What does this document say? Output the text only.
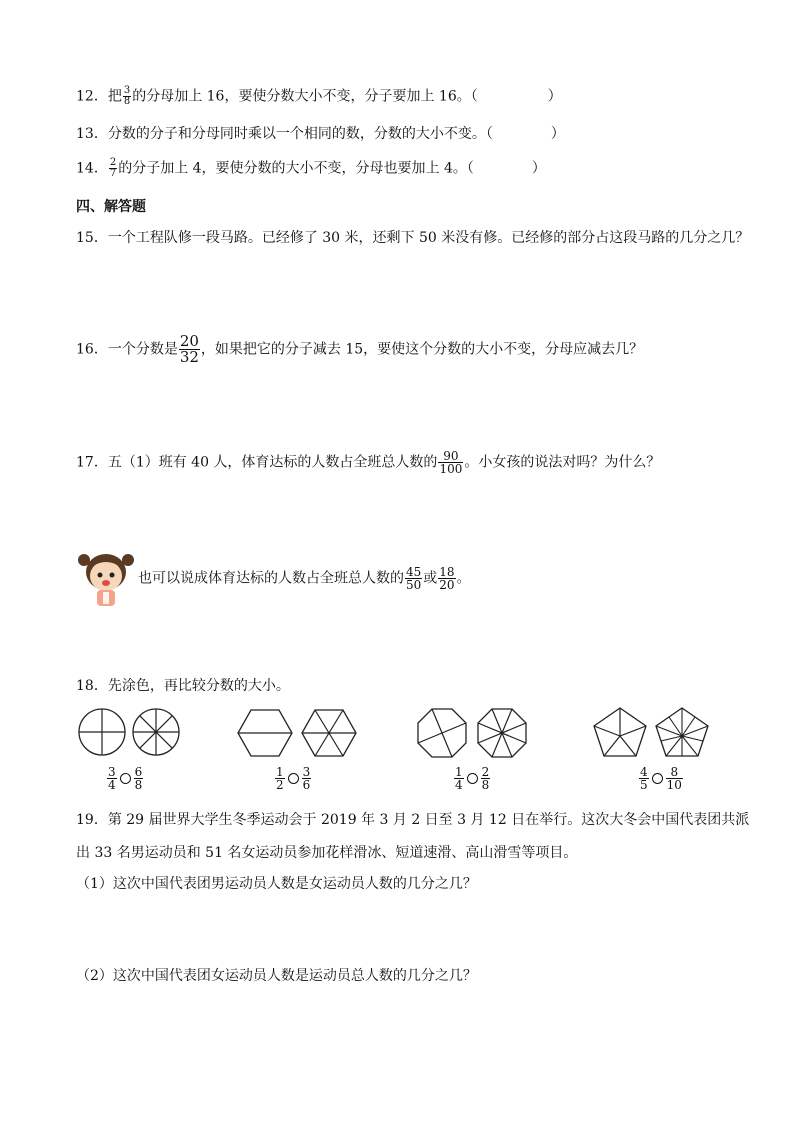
12．把 $\frac{3}{8}$ 的分母加上 16，要使分数大小不变，分子要加上 16。（	）
13．分数的分子和分母同时乘以一个相同的数，分数的大小不变。（	）
14． $\frac{2}{7}$ 的分子加上 4，要使分数的大小不变，分母也要加上 4。（	）
四、解答题
15．一个工程队修一段马路。已经修了 30 米，还剩下 50 米没有修。已经修的部分占这段马路的几分之几？
16．一个分数是 $\frac{20}{32}$ ，如果把它的分子减去 15，要使这个分数的大小不变，分母应减去几？
17．五（1）班有 40 人，体育达标的人数占全班总人数的 $\frac{90}{100}$ 。小女孩的说法对吗？为什么？
也可以说成体育达标的人数占全班总人数的 $\frac{45}{50}$ 或 $\frac{18}{20}$ 。
18．先涂色，再比较分数的大小。
$\frac{3}{4} \frac{6}{8}$	$\frac{1}{2} \frac{3}{6}$	$\frac{1}{4} \frac{2}{8}$	$\frac{4}{5} \frac{8}{10}$
19．第 29 届世界大学生冬季运动会于 2019 年 3 月 2 日至 3 月 12 日在举行。这次大冬会中国代表团共派
出 33 名男运动员和 51 名女运动员参加花样滑冰、短道速滑、高山滑雪等项目。
（1）这次中国代表团男运动员人数是女运动员人数的几分之几？
（2）这次中国代表团女运动员人数是运动员总人数的几分之几？
